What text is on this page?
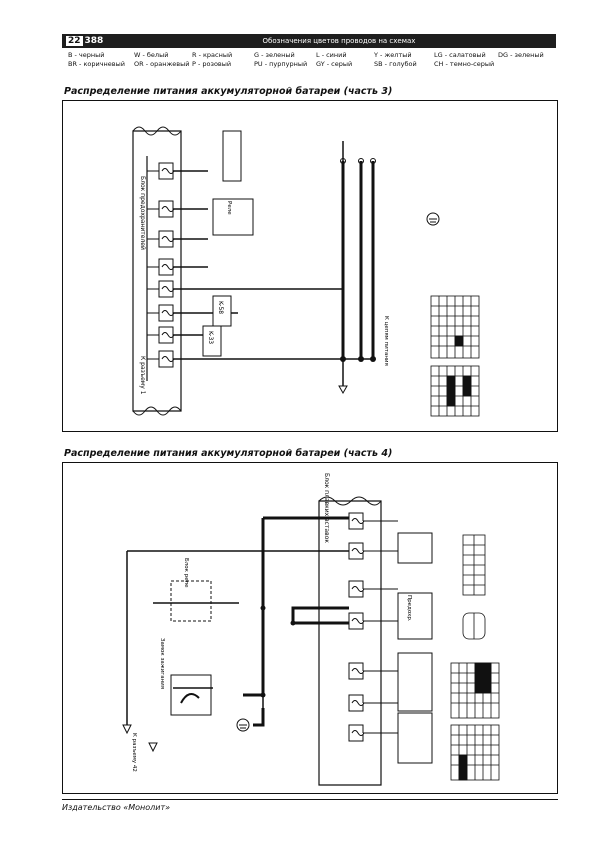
22 388	Обозначения цветов проводов на схемах
B - черный
BR - коричневый
W - белый
OR - оранжевый
R - красный
P - розовый
G - зеленый
PU - пурпурный
L - синий
GY - серый
Y - желтый
SB - голубой
LG - салатовый
CH - темно-серый
DG - зеленый
Распределение питания аккумуляторной батареи (часть 3)
Блок предохранителей
К разъему 1
K-58
K-33
Реле
К цепям питания
Распределение питания аккумуляторной батареи (часть 4)
Блок плавких вставок
Предохр.
Блок реле
Замок зажигания
К разъему 42
Издательство «Монолит»
